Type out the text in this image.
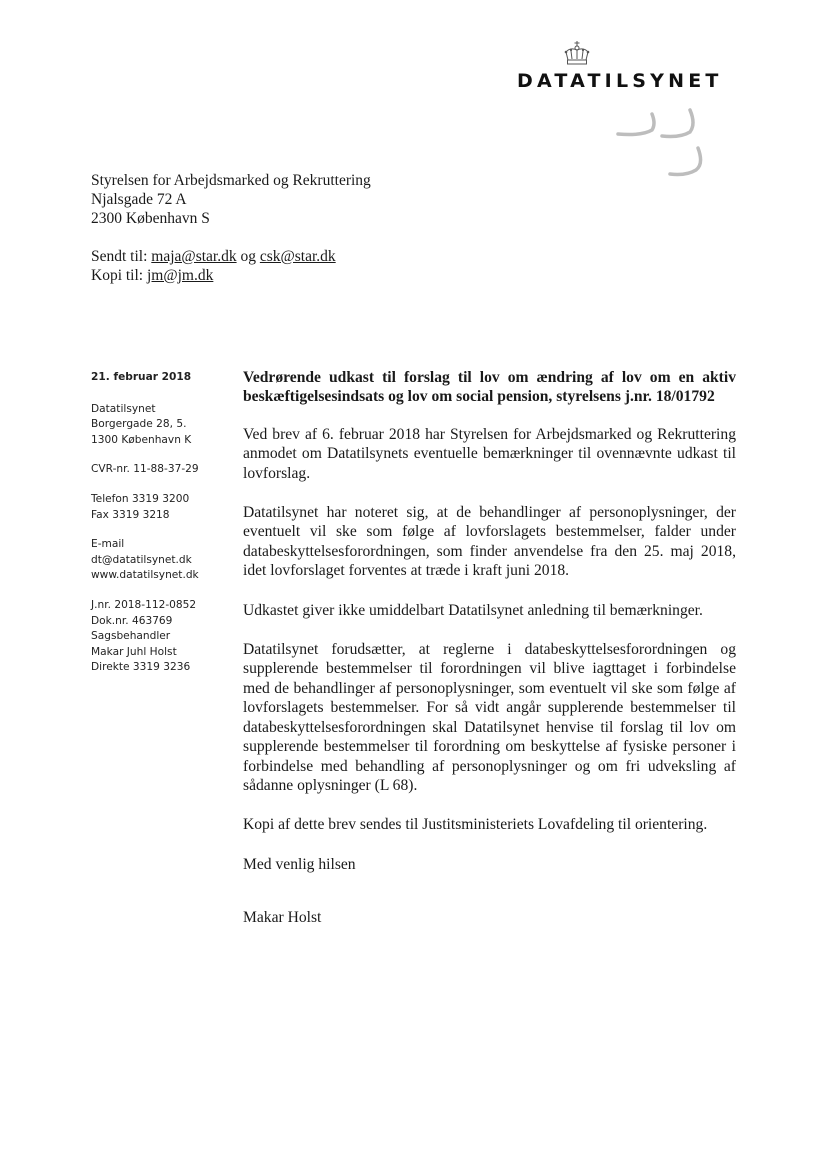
DATATILSYNET
Styrelsen for Arbejdsmarked og Rekruttering
Njalsgade 72 A
2300 København S
Sendt til: maja@star.dk og csk@star.dk
Kopi til: jm@jm.dk
21. februar 2018
Datatilsynet
Borgergade 28, 5.
1300 København K
CVR-nr. 11-88-37-29
Telefon 3319 3200
Fax 3319 3218
E-mail
dt@datatilsynet.dk
www.datatilsynet.dk
J.nr. 2018-112-0852
Dok.nr. 463769
Sagsbehandler
Makar Juhl Holst
Direkte 3319 3236

Vedrørende udkast til forslag til lov om ændring af lov om en aktiv beskæftigelsesindsats og lov om social pension, styrelsens j.nr. 18/01792

Ved brev af 6. februar 2018 har Styrelsen for Arbejdsmarked og Rekruttering anmodet om Datatilsynets eventuelle bemærkninger til ovennævnte udkast til lovforslag.

Datatilsynet har noteret sig, at de behandlinger af personoplysninger, der eventuelt vil ske som følge af lovforslagets bestemmelser, falder under databeskyttelsesforordningen, som finder anvendelse fra den 25. maj 2018, idet lovforslaget forventes at træde i kraft juni 2018.

Udkastet giver ikke umiddelbart Datatilsynet anledning til bemærkninger.

Datatilsynet forudsætter, at reglerne i databeskyttelsesforordningen og supplerende bestemmelser til forordningen vil blive iagttaget i forbindelse med de behandlinger af personoplysninger, som eventuelt vil ske som følge af lovforslagets bestemmelser. For så vidt angår supplerende bestemmelser til databeskyttelsesforordningen skal Datatilsynet henvise til forslag til lov om supplerende bestemmelser til forordning om beskyttelse af fysiske personer i forbindelse med behandling af personoplysninger og om fri udveksling af sådanne oplysninger (L 68).

Kopi af dette brev sendes til Justitsministeriets Lovafdeling til orientering.

Med venlig hilsen

Makar Holst
